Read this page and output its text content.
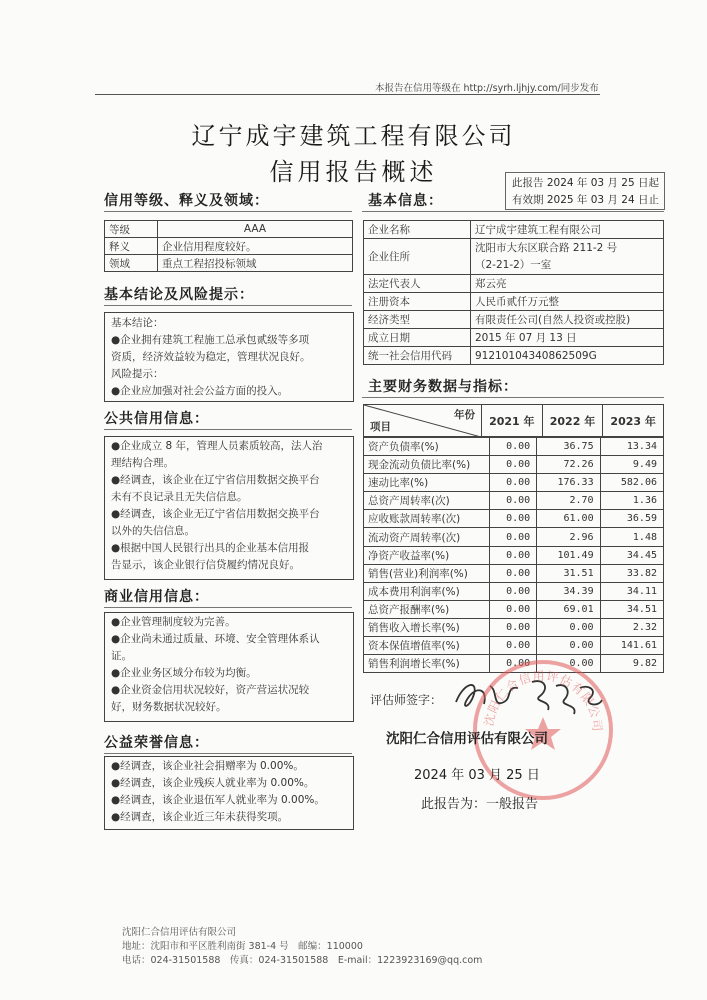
本报告在信用等级在 http://syrh.ljhjy.com/同步发布
辽宁成宇建筑工程有限公司
信用报告概述	此报告 2024 年 03 月 25 日起
有效期 2025 年 03 月 24 日止
信用等级、释义及领域：
等级	AAA
释义	企业信用程度较好。
领域	重点工程招投标领域
基本信息：
企业名称	辽宁成宇建筑工程有限公司
企业住所	沈阳市大东区联合路 211-2 号
（2-21-2）一室

法定代表人	郑云亮
注册资本	人民币贰仟万元整
经济类型	有限责任公司(自然人投资或控股)
成立日期	2015 年 07 月 13 日
统一社会信用代码	91210104340862509G
基本结论及风险提示：

基本结论：

●企业拥有建筑工程施工总承包贰级等多项

资质，经济效益较为稳定，管理状况良好。

风险提示：

●企业应加强对社会公益方面的投入。

公共信用信息：

●企业成立 8 年，管理人员素质较高，法人治

理结构合理。

●经调查，该企业在辽宁省信用数据交换平台

未有不良记录且无失信信息。

●经调查，该企业无辽宁省信用数据交换平台

以外的失信信息。

●根据中国人民银行出具的企业基本信用报

告显示，该企业银行信贷履约情况良好。

商业信用信息：

●企业管理制度较为完善。

●企业尚未通过质量、环境、安全管理体系认

证。

●企业业务区域分布较为均衡。

●企业资金信用状况较好，资产营运状况较

好，财务数据状况较好。

公益荣誉信息：

●经调查，该企业社会捐赠率为 0.00%。

●经调查，该企业残疾人就业率为 0.00%。

●经调查，该企业退伍军人就业率为 0.00%。

●经调查，该企业近三年未获得奖项。

主要财务数据与指标：
年份
项目	2021 年	2022 年	2023 年
资产负债率(%)	0.00	36.75	13.34
现金流动负债比率(%)	0.00	72.26	9.49
速动比率(%)	0.00	176.33	582.06
总资产周转率(次)	0.00	2.70	1.36
应收账款周转率(次)	0.00	61.00	36.59
流动资产周转率(次)	0.00	2.96	1.48
净资产收益率(%)	0.00	101.49	34.45
销售(营业)利润率(%)	0.00	31.51	33.82
成本费用利润率(%)	0.00	34.39	34.11
总资产报酬率(%)	0.00	69.01	34.51
销售收入增长率(%)	0.00	0.00	2.32
资本保值增值率(%)	0.00	0.00	141.61
销售利润增长率(%)	0.00	0.00	9.82
评估师签字：
沈阳仁合信用评估有限公司
沈阳仁合信用评估有限公司
2024 年 03 月 25 日
此报告为：一般报告
沈阳仁合信用评估有限公司
地址：沈阳市和平区胜利南街 381-4 号　邮编：110000
电话：024-31501588　传真：024-31501588　E-mail：1223923169@qq.com
